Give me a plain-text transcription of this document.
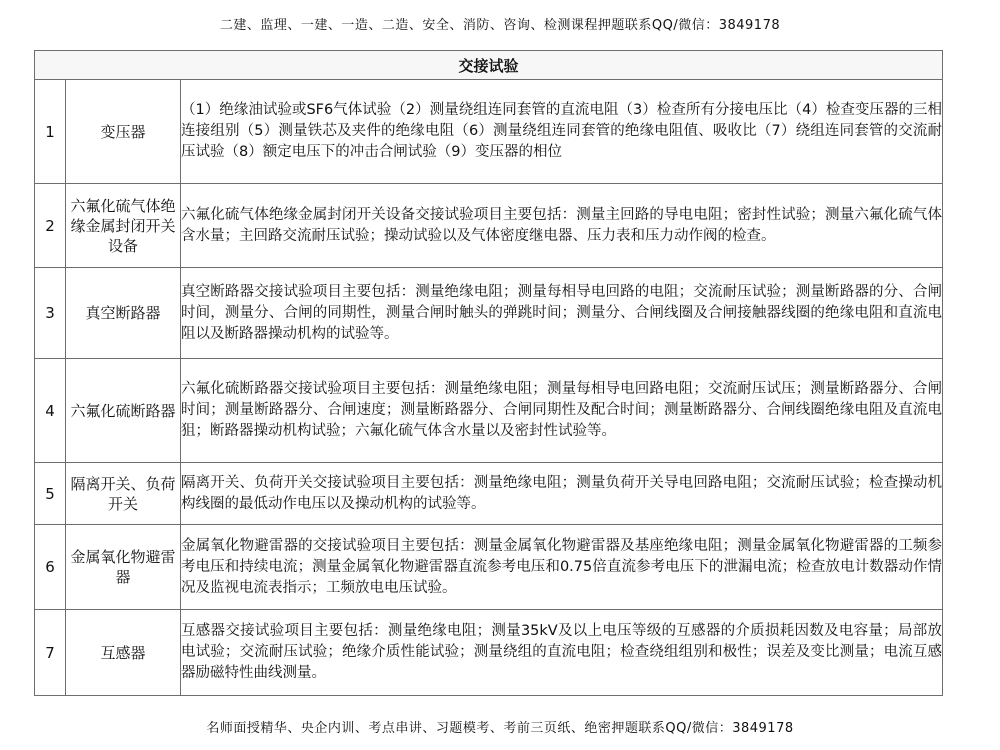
二建、监理、一建、一造、二造、安全、消防、咨询、检测课程押题联系QQ/微信：3849178
交接试验		
1	变压器	（1）绝缘油试验或SF6气体试验（2）测量绕组连同套管的直流电阻（3）检查所有分接电压比（4）检查变压器的三相连接组别（5）测量铁芯及夹件的绝缘电阻（6）测量绕组连同套管的绝缘电阻值、吸收比（7）绕组连同套管的交流耐压试验（8）额定电压下的冲击合闸试验（9）变压器的相位
2	六氟化硫气体绝缘金属封闭开关设备	六氟化硫气体绝缘金属封闭开关设备交接试验项目主要包括：测量主回路的导电电阻；密封性试验；测量六氟化硫气体含水量；主回路交流耐压试验；操动试验以及气体密度继电器、压力表和压力动作阀的检查。
3	真空断路器	真空断路器交接试验项目主要包括：测量绝缘电阻；测量每相导电回路的电阻；交流耐压试验；测量断路器的分、合闸时间，测量分、合闸的同期性，测量合闸时触头的弹跳时间；测量分、合闸线圈及合闸接触器线圈的绝缘电阻和直流电阻以及断路器操动机构的试验等。
4	六氟化硫断路器	六氟化硫断路器交接试验项目主要包括：测量绝缘电阻；测量每相导电回路电阻；交流耐压试压；测量断路器分、合闸时间；测量断路器分、合闸速度；测量断路器分、合闸同期性及配合时间；测量断路器分、合闸线圈绝缘电阻及直流电狙；断路器操动机构试验；六氟化硫气体含水量以及密封性试验等。
5	隔离开关、负荷开关	隔离开关、负荷开关交接试验项目主要包括：测量绝缘电阻；测量负荷开关导电回路电阻；交流耐压试验；检查操动机构线圈的最低动作电压以及操动机构的试验等。
6	金属氧化物避雷器	金属氧化物避雷器的交接试验项目主要包括：测量金属氧化物避雷器及基座绝缘电阻；测量金属氧化物避雷器的工频参考电压和持续电流；测量金属氧化物避雷器直流参考电压和0.75倍直流参考电压下的泄漏电流；检查放电计数器动作情况及监视电流表指示；工频放电电压试验。
7	互感器	互感器交接试验项目主要包括：测量绝缘电阻；测量35kV及以上电压等级的互感器的介质损耗因数及电容量；局部放电试验；交流耐压试验；绝缘介质性能试验；测量绕组的直流电阻；检查绕组组别和极性；误差及变比测量；电流互感器励磁特性曲线测量。
名师面授精华、央企内训、考点串讲、习题模考、考前三页纸、绝密押题联系QQ/微信：3849178
